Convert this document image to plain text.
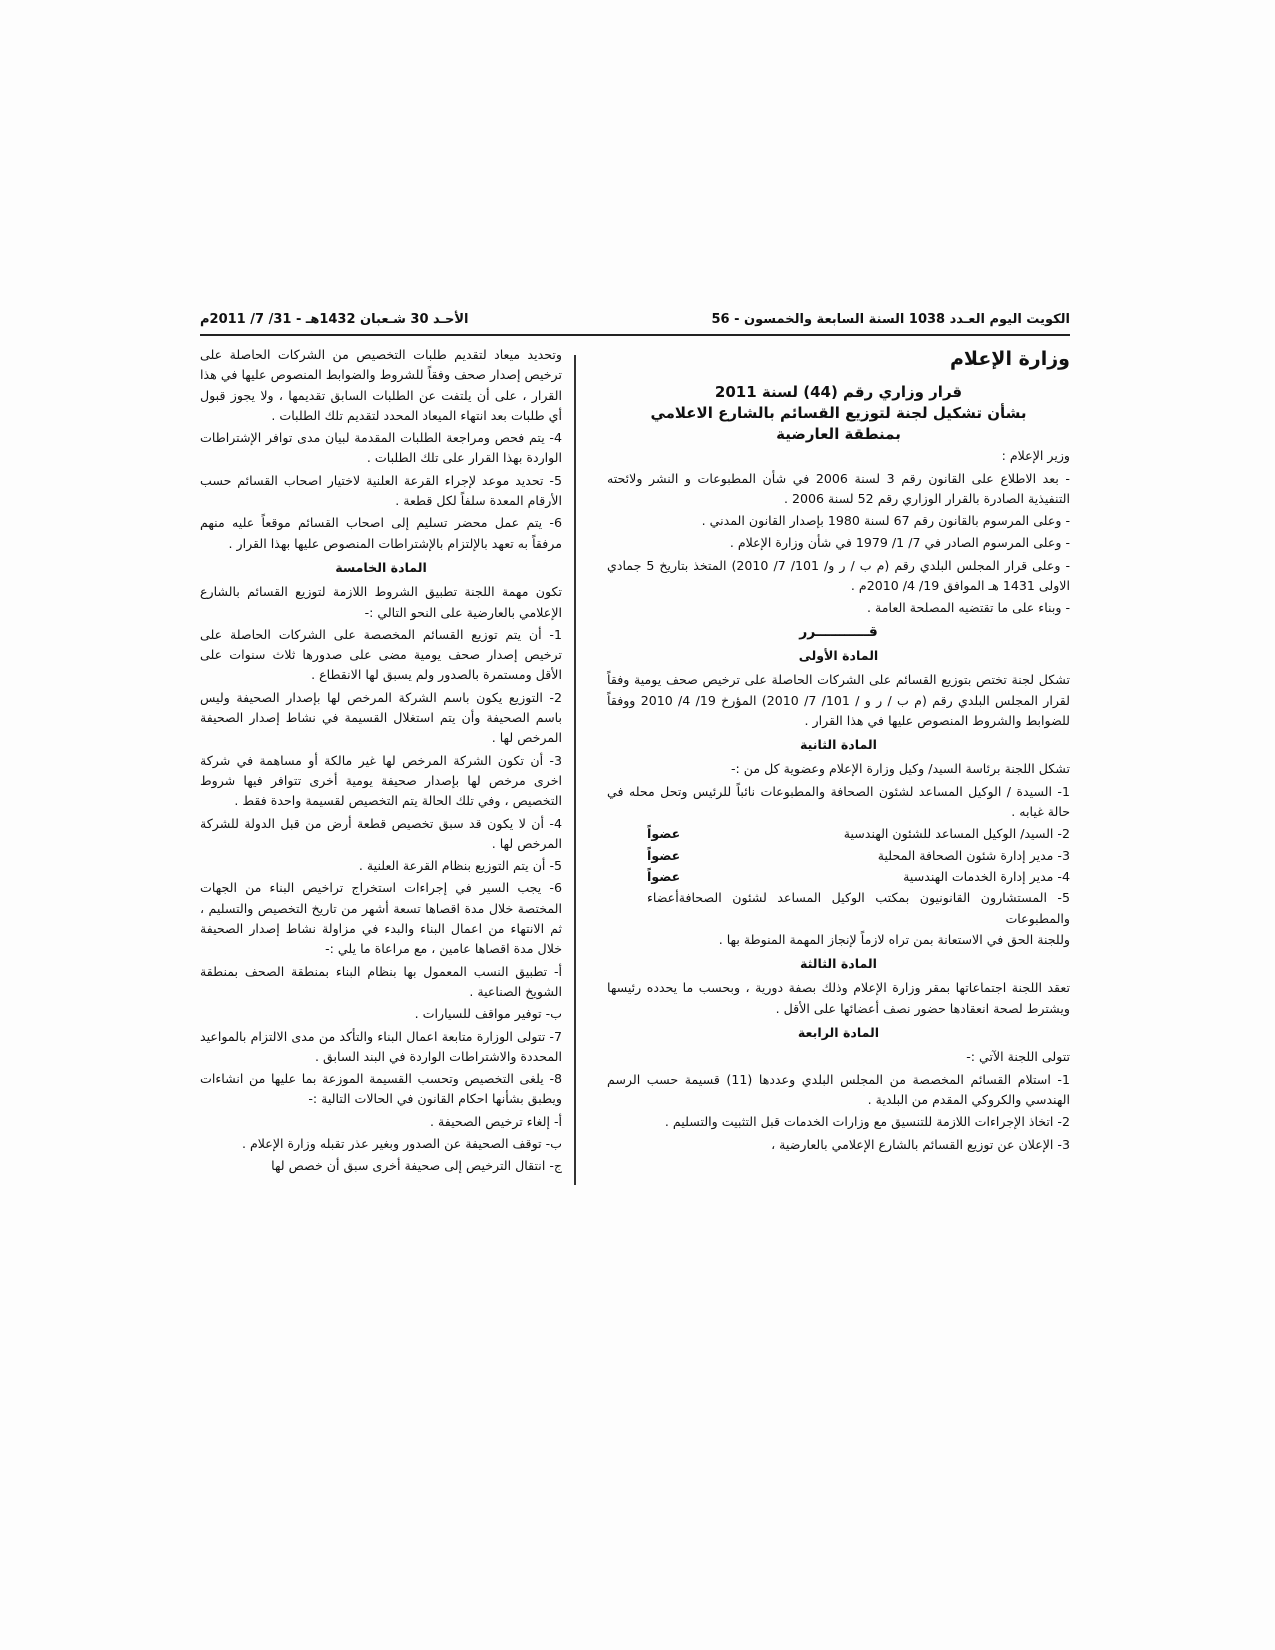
الكويت اليوم العـدد 1038 السنة السابعة والخمسون - 56
الأحـد 30 شـعبان 1432هـ - 31/ 7/ 2011م

وزارة الإعلام

قرار وزاري رقم (44) لسنة 2011

بشأن تشكيل لجنة لتوزيع القسائم بالشارع الاعلامي

بمنطقة العارضية

وزير الإعلام :

- بعد الاطلاع على القانون رقم 3 لسنة 2006 في شأن المطبوعات و النشر ولائحته التنفيذية الصادرة بالقرار الوزاري رقم 52 لسنة 2006 .

- وعلى المرسوم بالقانون رقم 67 لسنة 1980 بإصدار القانون المدني .

- وعلى المرسوم الصادر في 7/ 1/ 1979 في شأن وزارة الإعلام .

- وعلى قرار المجلس البلدي رقم (م ب / ر و/ 101/ 7/ 2010) المتخذ بتاريخ 5 جمادي الاولى 1431 هـ الموافق 19/ 4/ 2010م .

- وبناء على ما تقتضيه المصلحة العامة .

قـــــــــــرر

المادة الأولى

تشكل لجنة تختص بتوزيع القسائم على الشركات الحاصلة على ترخيص صحف يومية وفقاً لقرار المجلس البلدي رقم (م ب / ر و / 101/ 7/ 2010) المؤرخ 19/ 4/ 2010 ووفقاً للضوابط والشروط المنصوص عليها في هذا القرار .

المادة الثانية

تشكل اللجنة برئاسة السيد/ وكيل وزارة الإعلام وعضوية كل من :-

1- السيدة / الوكيل المساعد لشئون الصحافة والمطبوعات نائباً للرئيس وتحل محله في حالة غيابه .

2- السيد/ الوكيل المساعد للشئون الهندسية
عضواً
3- مدير إدارة شئون الصحافة المحلية
عضواً
4- مدير إدارة الخدمات الهندسية
عضواً
5- المستشارون القانونيون بمكتب الوكيل المساعد لشئون الصحافة والمطبوعات
أعضاء

وللجنة الحق في الاستعانة بمن تراه لازماً لإنجاز المهمة المنوطة بها .

المادة الثالثة

تعقد اللجنة اجتماعاتها بمقر وزارة الإعلام وذلك بصفة دورية ، وبحسب ما يحدده رئيسها ويشترط لصحة انعقادها حضور نصف أعضائها على الأقل .

المادة الرابعة

تتولى اللجنة الآتي :-

1- استلام القسائم المخصصة من المجلس البلدي وعددها (11) قسيمة حسب الرسم الهندسي والكروكي المقدم من البلدية .

2- اتخاذ الإجراءات اللازمة للتنسيق مع وزارات الخدمات قبل التثبيت والتسليم .

3- الإعلان عن توزيع القسائم بالشارع الإعلامي بالعارضية ،

وتحديد ميعاد لتقديم طلبات التخصيص من الشركات الحاصلة على ترخيص إصدار صحف وفقاً للشروط والضوابط المنصوص عليها في هذا القرار ، على أن يلتفت عن الطلبات السابق تقديمها ، ولا يجوز قبول أي طلبات بعد انتهاء الميعاد المحدد لتقديم تلك الطلبات .

4- يتم فحص ومراجعة الطلبات المقدمة لبيان مدى توافر الإشتراطات الواردة بهذا القرار على تلك الطلبات .

5- تحديد موعد لإجراء القرعة العلنية لاختيار اصحاب القسائم حسب الأرقام المعدة سلفاً لكل قطعة .

6- يتم عمل محضر تسليم إلى اصحاب القسائم موقعاً عليه منهم مرفقاً به تعهد بالإلتزام بالإشتراطات المنصوص عليها بهذا القرار .

المادة الخامسة

تكون مهمة اللجنة تطبيق الشروط اللازمة لتوزيع القسائم بالشارع الإعلامي بالعارضية على النحو التالي :-

1- أن يتم توزيع القسائم المخصصة على الشركات الحاصلة على ترخيص إصدار صحف يومية مضى على صدورها ثلاث سنوات على الأقل ومستمرة بالصدور ولم يسبق لها الانقطاع .

2- التوزيع يكون باسم الشركة المرخص لها بإصدار الصحيفة وليس باسم الصحيفة وأن يتم استغلال القسيمة في نشاط إصدار الصحيفة المرخص لها .

3- أن تكون الشركة المرخص لها غير مالكة أو مساهمة في شركة اخرى مرخص لها بإصدار صحيفة يومية أخرى تتوافر فيها شروط التخصيص ، وفي تلك الحالة يتم التخصيص لقسيمة واحدة فقط .

4- أن لا يكون قد سبق تخصيص قطعة أرض من قبل الدولة للشركة المرخص لها .

5- أن يتم التوزيع بنظام القرعة العلنية .

6- يجب السير في إجراءات استخراج تراخيص البناء من الجهات المختصة خلال مدة اقصاها تسعة أشهر من تاريخ التخصيص والتسليم ، ثم الانتهاء من اعمال البناء والبدء في مزاولة نشاط إصدار الصحيفة خلال مدة اقصاها عامين ، مع مراعاة ما يلي :-

أ- تطبيق النسب المعمول بها بنظام البناء بمنطقة الصحف بمنطقة الشويخ الصناعية .

ب- توفير مواقف للسيارات .

7- تتولى الوزارة متابعة اعمال البناء والتأكد من مدى الالتزام بالمواعيد المحددة والاشتراطات الواردة في البند السابق .

8- يلغى التخصيص وتحسب القسيمة الموزعة بما عليها من انشاءات ويطبق بشأنها احكام القانون في الحالات التالية :-

أ- إلغاء ترخيص الصحيفة .

ب- توقف الصحيفة عن الصدور وبغير عذر تقبله وزارة الإعلام .

ج- انتقال الترخيص إلى صحيفة أخرى سبق أن خصص لها
